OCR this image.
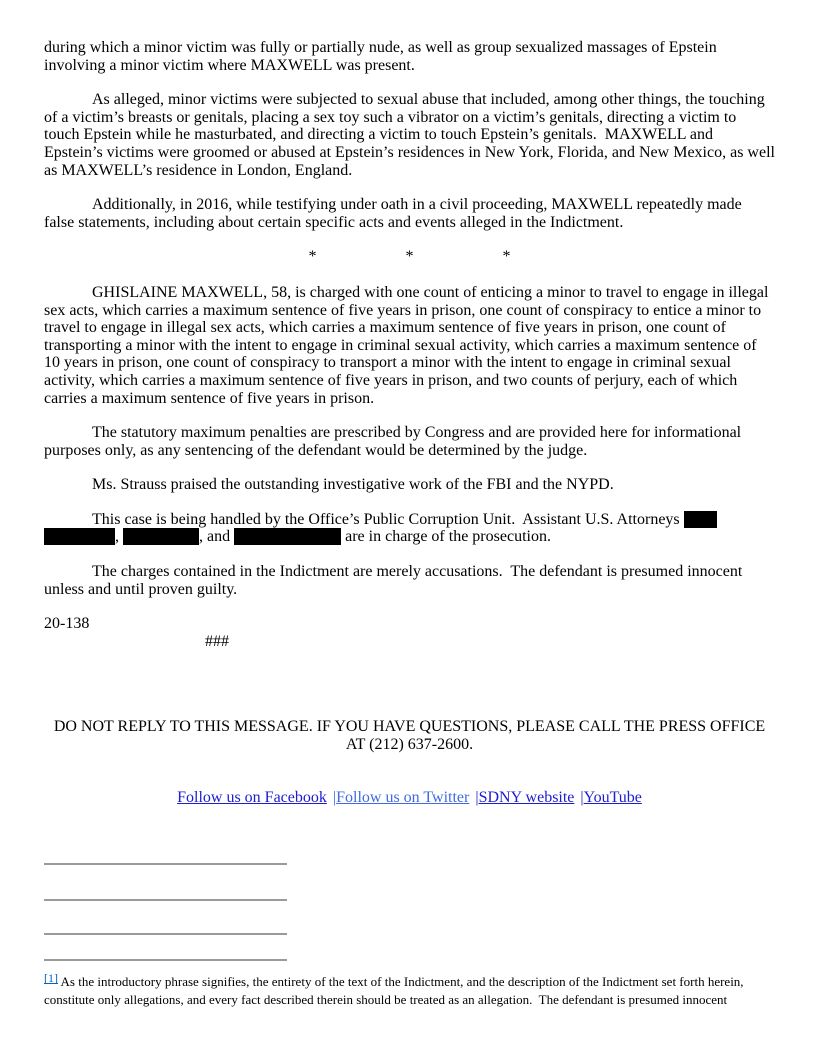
during which a minor victim was fully or partially nude, as well as group sexualized massages of Epstein involving a minor victim where MAXWELL was present.

As alleged, minor victims were subjected to sexual abuse that included, among other things, the touching of a victim’s breasts or genitals, placing a sex toy such a vibrator on a victim’s genitals, directing a victim to touch Epstein while he masturbated, and directing a victim to touch Epstein’s genitals.  MAXWELL and Epstein’s victims were groomed or abused at Epstein’s residences in New York, Florida, and New Mexico, as well as MAXWELL’s residence in London, England.

Additionally, in 2016, while testifying under oath in a civil proceeding, MAXWELL repeatedly made false statements, including about certain specific acts and events alleged in the Indictment.

*	*	*

GHISLAINE MAXWELL, 58, is charged with one count of enticing a minor to travel to engage in illegal sex acts, which carries a maximum sentence of five years in prison, one count of conspiracy to entice a minor to travel to engage in illegal sex acts, which carries a maximum sentence of five years in prison, one count of transporting a minor with the intent to engage in criminal sexual activity, which carries a maximum sentence of 10 years in prison, one count of conspiracy to transport a minor with the intent to engage in criminal sexual activity, which carries a maximum sentence of five years in prison, and two counts of perjury, each of which carries a maximum sentence of five years in prison.

The statutory maximum penalties are prescribed by Congress and are provided here for informational purposes only, as any sentencing of the defendant would be determined by the judge.

Ms. Strauss praised the outstanding investigative work of the FBI and the NYPD.

This case is being handled by the Office’s Public Corruption Unit.  Assistant U.S. Attorneys ,	, and	are in charge of the prosecution.

The charges contained in the Indictment are merely accusations.  The defendant is presumed innocent unless and until proven guilty.

20-138

###

DO NOT REPLY TO THIS MESSAGE. IF YOU HAVE QUESTIONS, PLEASE CALL THE PRESS OFFICE
AT (212) 637-2600.
Follow us on Facebook |Follow us on Twitter |SDNY website |YouTube
[1] As the introductory phrase signifies, the entirety of the text of the Indictment, and the description of the Indictment set forth herein, constitute only allegations, and every fact described therein should be treated as an allegation.  The defendant is presumed innocent
